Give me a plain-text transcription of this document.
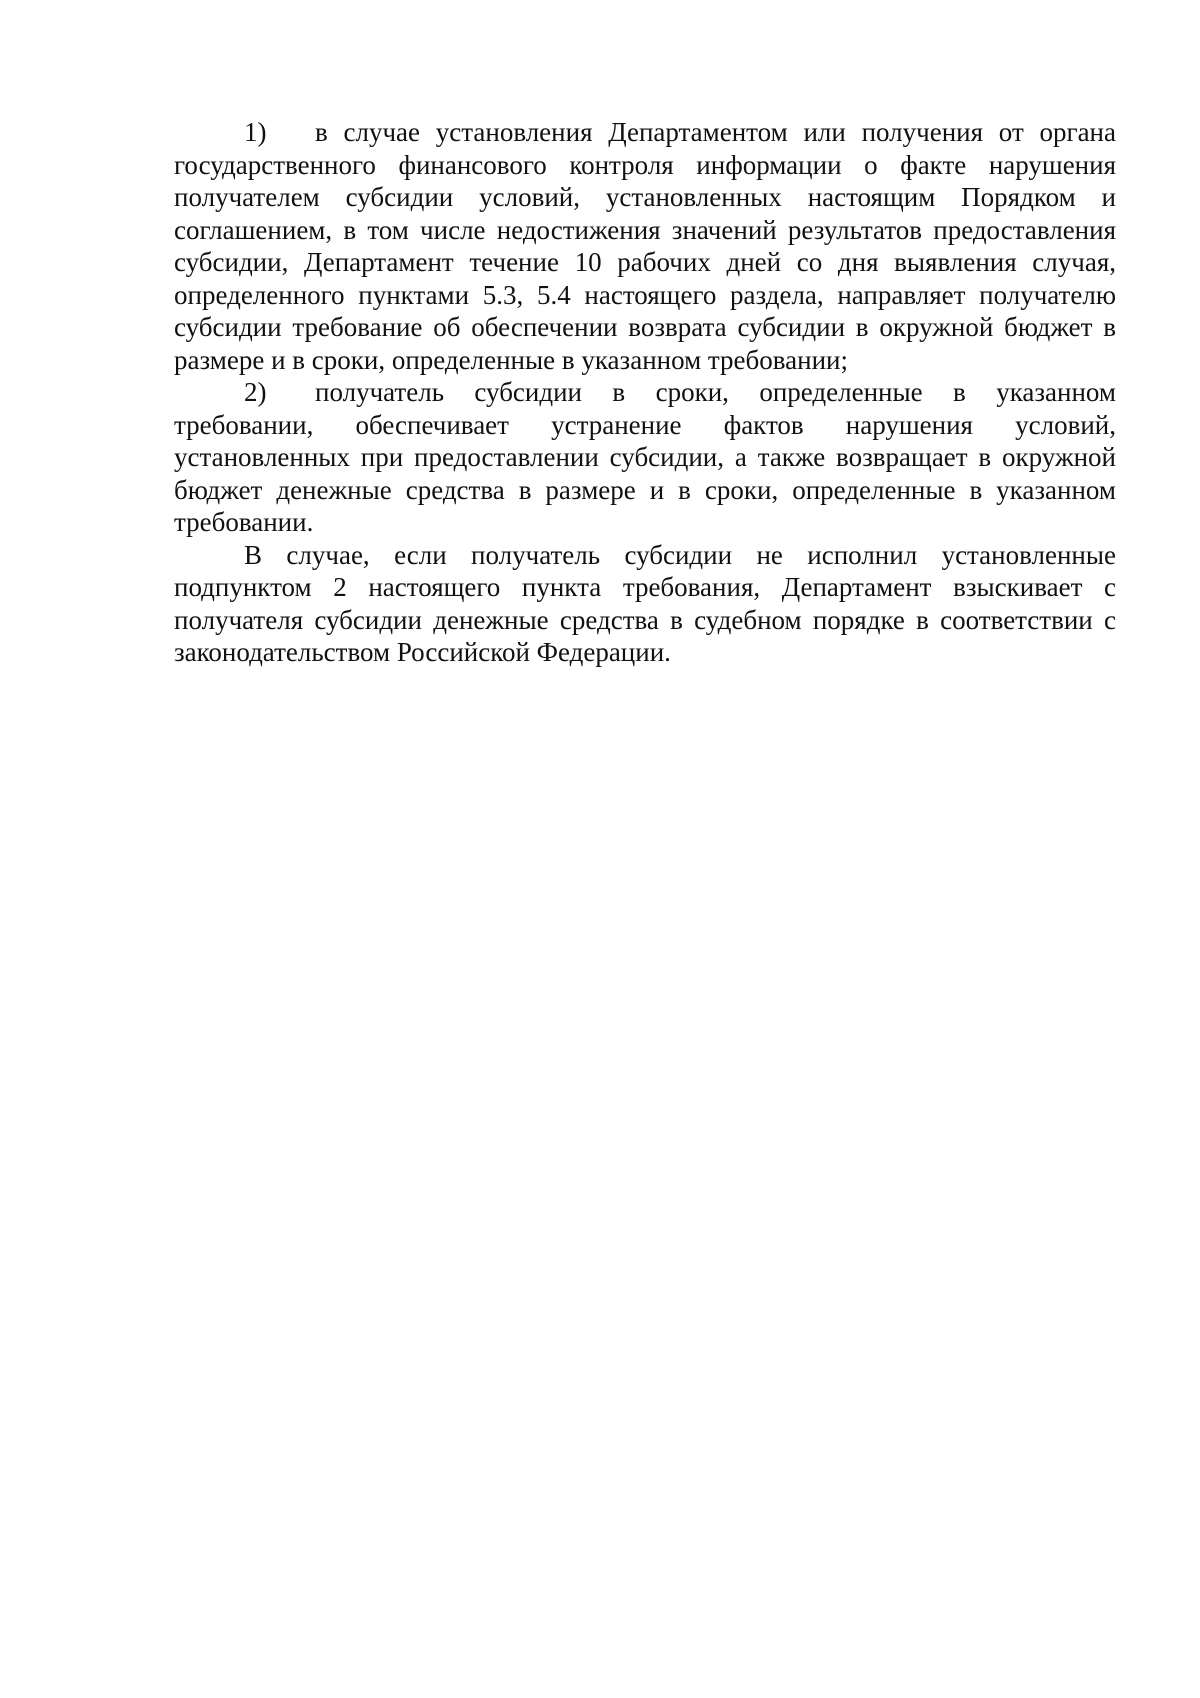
1) в случае установления Департаментом или получения от органа государственного финансового контроля информации о факте нарушения получателем субсидии условий, установленных настоящим Порядком и соглашением, в том числе недостижения значений результатов предоставления субсидии, Департамент течение 10 рабочих дней со дня выявления случая, определенного пунктами 5.3, 5.4 настоящего раздела, направляет получателю субсидии требование об обеспечении возврата субсидии в окружной бюджет в размере и в сроки, определенные в указанном требовании;

2) получатель субсидии в сроки, определенные в указанном требовании, обеспечивает устранение фактов нарушения условий, установленных при предоставлении субсидии, а также возвращает в окружной бюджет денежные средства в размере и в сроки, определенные в указанном требовании.

В случае, если получатель субсидии не исполнил установленные подпунктом 2 настоящего пункта требования, Департамент взыскивает с получателя субсидии денежные средства в судебном порядке в соответствии с законодательством Российской Федерации.
